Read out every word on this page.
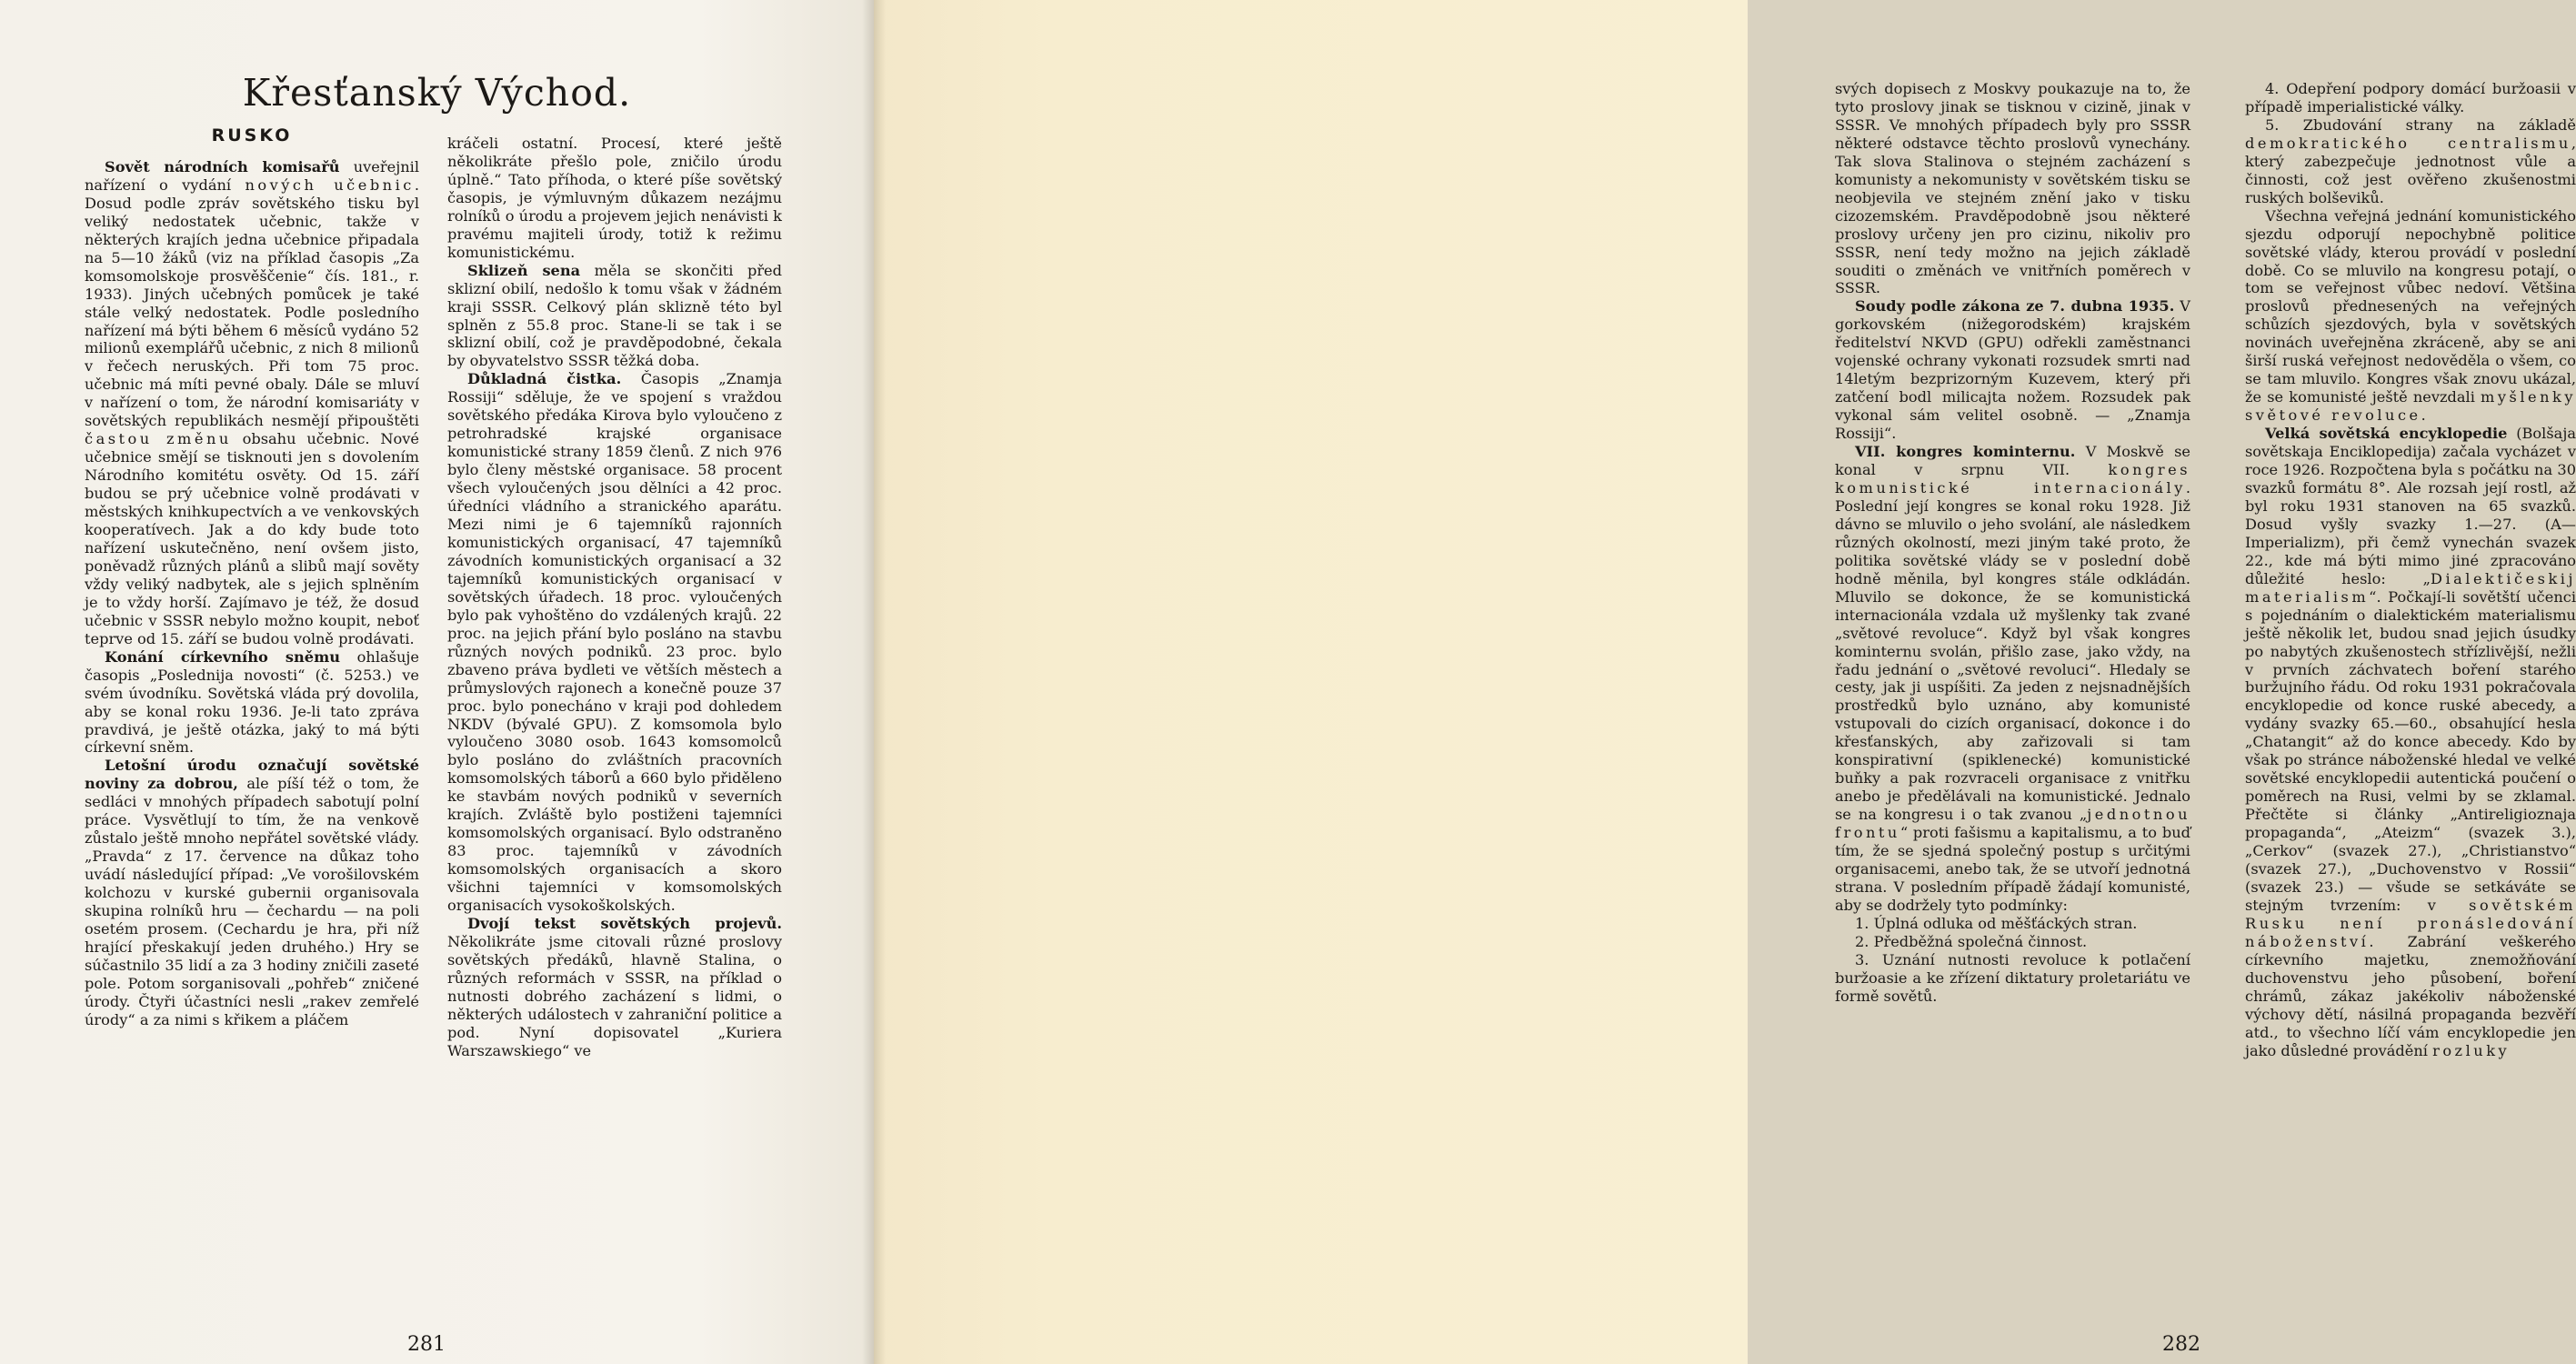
Křesťanský Východ.
RUSKO

Sovět národních komisařů uveřejnil nařízení o vydání nových učebnic. Dosud podle zpráv sovětského tisku byl veliký nedostatek učebnic, takže v některých krajích jedna učebnice připadala na 5—10 žáků (viz na příklad časopis „Za komsomolskoje prosvěščenie“ čís. 181., r. 1933). Jiných učebných pomůcek je také stále velký nedostatek. Podle posledního nařízení má býti během 6 měsíců vydáno 52 milionů exemplářů učebnic, z nich 8 milionů v řečech neruských. Při tom 75 proc. učebnic má míti pevné obaly. Dále se mluví v nařízení o tom, že národní komisariáty v sovětských republikách nesmějí připouštěti častou změnu obsahu učebnic. Nové učebnice smějí se tisknouti jen s dovolením Národního komitétu osvěty. Od 15. září budou se prý učebnice volně prodávati v městských knihkupectvích a ve venkovských kooperatívech. Jak a do kdy bude toto nařízení uskutečněno, není ovšem jisto, poněvadž různých plánů a slibů mají sověty vždy veliký nadbytek, ale s jejich splněním je to vždy horší. Zajímavo je též, že dosud učebnic v SSSR nebylo možno koupit, neboť teprve od 15. září se budou volně prodávati.

Konání církevního sněmu ohlašuje časopis „Poslednija novosti“ (č. 5253.) ve svém úvodníku. Sovětská vláda prý dovolila, aby se konal roku 1936. Je-li tato zpráva pravdivá, je ještě otázka, jaký to má býti církevní sněm.

Letošní úrodu označují sovětské noviny za dobrou, ale píší též o tom, že sedláci v mnohých případech sabotují polní práce. Vysvětlují to tím, že na venkově zůstalo ještě mnoho nepřátel sovětské vlády. „Pravda“ z 17. července na důkaz toho uvádí následující případ: „Ve vorošilovském kolchozu v kurské gubernii organisovala skupina rolníků hru — čechardu — na poli osetém prosem. (Cechardu je hra, při níž hrající přeskakují jeden druhého.) Hry se súčastnilo 35 lidí a za 3 hodiny zničili zaseté pole. Potom sorganisovali „pohřeb“ zničené úrody. Čtyři účastníci nesli „rakev zemřelé úrody“ a za nimi s křikem a pláčem

kráčeli ostatní. Procesí, které ještě několikráte přešlo pole, zničilo úrodu úplně.“ Tato příhoda, o které píše sovětský časopis, je výmluvným důkazem nezájmu rolníků o úrodu a projevem jejich nenávisti k pravému majiteli úrody, totiž k režimu komunistickému.

Sklizeň sena měla se skončiti před sklizní obilí, nedošlo k tomu však v žádném kraji SSSR. Celkový plán sklizně této byl splněn z 55.8 proc. Stane-li se tak i se sklizní obilí, což je pravděpodobné, čekala by obyvatelstvo SSSR těžká doba.

Důkladná čistka. Časopis „Znamja Rossiji“ sděluje, že ve spojení s vraždou sovětského předáka Kirova bylo vyloučeno z petrohradské krajské organisace komunistické strany 1859 členů. Z nich 976 bylo členy městské organisace. 58 procent všech vyloučených jsou dělníci a 42 proc. úředníci vládního a stranického aparátu. Mezi nimi je 6 tajemníků rajonních komunistických organisací, 47 tajemníků závodních komunistických organisací a 32 tajemníků komunistických organisací v sovětských úřadech. 18 proc. vyloučených bylo pak vyhoštěno do vzdálených krajů. 22 proc. na jejich přání bylo posláno na stavbu různých nových podniků. 23 proc. bylo zbaveno práva bydleti ve větších městech a průmyslových rajonech a konečně pouze 37 proc. bylo ponecháno v kraji pod dohledem NKDV (bývalé GPU). Z komsomola bylo vyloučeno 3080 osob. 1643 komsomolců bylo posláno do zvláštních pracovních komsomolských táborů a 660 bylo přiděleno ke stavbám nových podniků v severních krajích. Zvláště bylo postiženi tajemníci komsomolských organisací. Bylo odstraněno 83 proc. tajemníků v závodních komsomolských organisacích a skoro všichni tajemníci v komsomolských organisacích vysokoškolských.

Dvojí tekst sovětských projevů. Několikráte jsme citovali různé proslovy sovětských předáků, hlavně Stalina, o různých reformách v SSSR, na příklad o nutnosti dobrého zacházení s lidmi, o některých událostech v zahraniční politice a pod. Nyní dopisovatel „Kuriera Warszawskiego“ ve

281

svých dopisech z Moskvy poukazuje na to, že tyto proslovy jinak se tisknou v cizině, jinak v SSSR. Ve mnohých případech byly pro SSSR některé odstavce těchto proslovů vynechány. Tak slova Stalinova o stejném zacházení s komunisty a nekomunisty v sovětském tisku se neobjevila ve stejném znění jako v tisku cizozemském. Pravděpodobně jsou některé proslovy určeny jen pro cizinu, nikoliv pro SSSR, není tedy možno na jejich základě souditi o změnách ve vnitřních poměrech v SSSR.

Soudy podle zákona ze 7. dubna 1935. V gorkovském (nižegorodském) krajském ředitelství NKVD (GPU) odřekli zaměstnanci vojenské ochrany vykonati rozsudek smrti nad 14letým bezprizorným Kuzevem, který při zatčení bodl milicajta nožem. Rozsudek pak vykonal sám velitel osobně. — „Znamja Rossiji“.

VII. kongres kominternu. V Moskvě se konal v srpnu VII. kongres komunistické internacionály. Poslední její kongres se konal roku 1928. Již dávno se mluvilo o jeho svolání, ale následkem různých okolností, mezi jiným také proto, že politika sovětské vlády se v poslední době hodně měnila, byl kongres stále odkládán. Mluvilo se dokonce, že se komunistická internacionála vzdala už myšlenky tak zvané „světové revoluce“. Když byl však kongres kominternu svolán, přišlo zase, jako vždy, na řadu jednání o „světové revoluci“. Hledaly se cesty, jak ji uspíšiti. Za jeden z nejsnadnějších prostředků bylo uznáno, aby komunisté vstupovali do cizích organisací, dokonce i do křesťanských, aby zařizovali si tam konspirativní (spiklenecké) komunistické buňky a pak rozvraceli organisace z vnitřku anebo je předělávali na komunistické. Jednalo se na kongresu i o tak zvanou „jednotnou frontu“ proti fašismu a kapitalismu, a to buď tím, že se sjedná společný postup s určitými organisacemi, anebo tak, že se utvoří jednotná strana. V posledním případě žádají komunisté, aby se dodržely tyto podmínky:

1. Úplná odluka od měšťáckých stran.

2. Předběžná společná činnost.

3. Uznání nutnosti revoluce k potlačení buržoasie a ke zřízení diktatury proletariátu ve formě sovětů.

4. Odepření podpory domácí buržoasii v případě imperialistické války.

5. Zbudování strany na základě demokratického centralismu, který zabezpečuje jednotnost vůle a činnosti, což jest ověřeno zkušenostmi ruských bolševiků.

Všechna veřejná jednání komunistického sjezdu odporují nepochybně politice sovětské vlády, kterou provádí v poslední době. Co se mluvilo na kongresu potají, o tom se veřejnost vůbec nedoví. Většina proslovů přednesených na veřejných schůzích sjezdových, byla v sovětských novinách uveřejněna zkráceně, aby se ani širší ruská veřejnost nedověděla o všem, co se tam mluvilo. Kongres však znovu ukázal, že se komunisté ještě nevzdali myšlenky světové revoluce.

Velká sovětská encyklopedie (Bolšaja sovětskaja Enciklopedija) začala vycházet v roce 1926. Rozpočtena byla s počátku na 30 svazků formátu 8°. Ale rozsah její rostl, až byl roku 1931 stanoven na 65 svazků. Dosud vyšly svazky 1.—27. (A—Imperializm), při čemž vynechán svazek 22., kde má býti mimo jiné zpracováno důležité heslo: „Dialektičeskij materialism“. Počkají-li sovětští učenci s pojednáním o dialektickém materialismu ještě několik let, budou snad jejich úsudky po nabytých zkušenostech střízlivější, nežli v prvních záchvatech boření starého buržujního řádu. Od roku 1931 pokračovala encyklopedie od konce ruské abecedy, a vydány svazky 65.—60., obsahující hesla „Chatangit“ až do konce abecedy. Kdo by však po stránce náboženské hledal ve velké sovětské encyklopedii autentická poučení o poměrech na Rusi, velmi by se zklamal. Přečtěte si články „Antireligioznaja propaganda“, „Ateizm“ (svazek 3.), „Cerkov“ (svazek 27.), „Christianstvo“ (svazek 27.), „Duchovenstvo v Rossii“ (svazek 23.) — všude se setkáváte se stejným tvrzením: v sovětském Rusku není pronásledování náboženství. Zabrání veškerého církevního majetku, znemožňování duchovenstvu jeho působení, boření chrámů, zákaz jakékoliv náboženské výchovy dětí, násilná propaganda bezvěří atd., to všechno líčí vám encyklopedie jen jako důsledné provádění rozluky

282
